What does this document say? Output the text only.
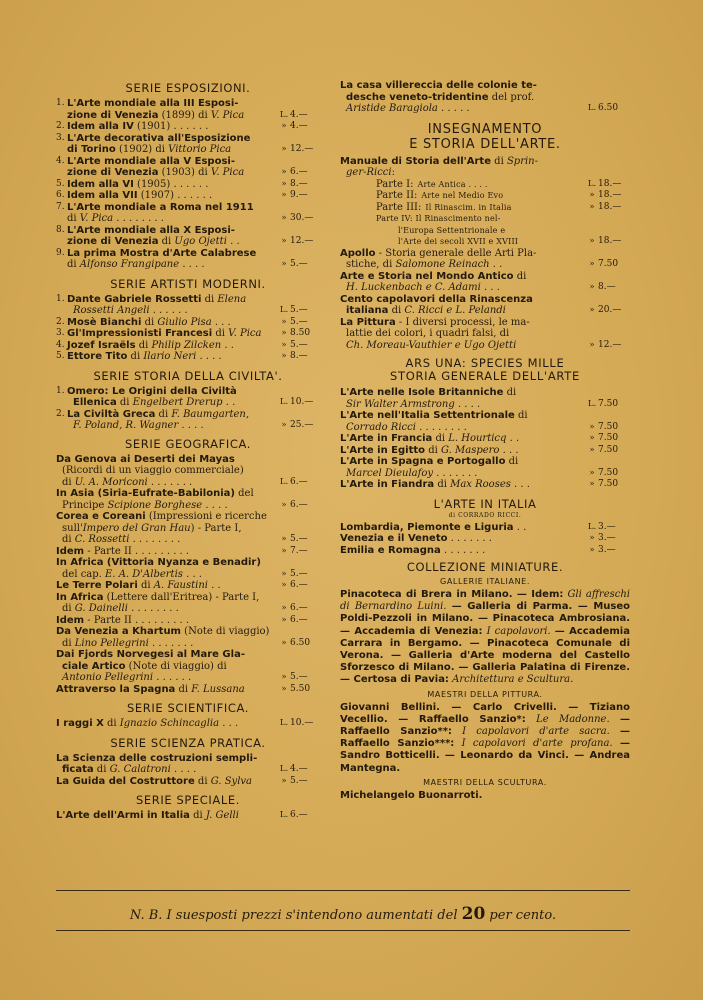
SERIE ESPOSIZIONI.
1. L'Arte mondiale alla III Esposi-
zione di Venezia (1899) di V. Pica	L. 4.—
2. Idem alla IV (1901) . . . . . .	» 4.—
3. L'Arte decorativa all'Esposizione
di Torino (1902) di Vittorio Pica	» 12.—
4. L'Arte mondiale alla V Esposi-
zione di Venezia (1903) di V. Pica	» 6.—
5. Idem alla VI (1905) . . . . . .	» 8.—
6. Idem alla VII (1907) . . . . . .	» 9.—
7. L'Arte mondiale a Roma nel 1911
di V. Pica . . . . . . . .	» 30.—
8. L'Arte mondiale alla X Esposi-
zione di Venezia di Ugo Ojetti . .	» 12.—
9. La prima Mostra d'Arte Calabrese
di Alfonso Frangipane . . . .	» 5.—
SERIE ARTISTI MODERNI.
1. Dante Gabriele Rossetti di Elena
Rossetti Angeli . . . . . .	L. 5.—
2. Mosè Bianchi di Giulio Pisa . . .	» 5.—
3. Gl'Impressionisti Francesi di V. Pica	» 8.50
4. Jozef Israëls di Philip Zilcken . .	» 5.—
5. Ettore Tito di Ilario Neri . . . .	» 8.—
SERIE STORIA DELLA CIVILTA'.
1. Omero: Le Origini della Civiltà
Ellenica di Engelbert Drerup . .	L. 10.—
2. La Civiltà Greca di F. Baumgarten,
F. Poland, R. Wagner . . . .	» 25.—
SERIE GEOGRAFICA.
Da Genova ai Deserti dei Mayas
(Ricordi di un viaggio commerciale)
di U. A. Moriconi . . . . . . .	L. 6.—
In Asia (Siria-Eufrate-Babilonia) del
Principe Scipione Borghese . . . .	» 6.—
Corea e Coreani (Impressioni e ricerche
sull'Impero del Gran Hau) - Parte I,
di C. Rossetti . . . . . . . .	» 5.—
Idem - Parte II . . . . . . . . .	» 7.—
In Africa (Vittoria Nyanza e Benadir)
del cap. E. A. D'Albertis . . .	» 5.—
Le Terre Polari di A. Faustini . .	» 6.—
In Africa (Lettere dall'Eritrea) - Parte I,
di G. Dainelli . . . . . . . .	» 6.—
Idem - Parte II . . . . . . . . .	» 6.—
Da Venezia a Khartum (Note di viaggio)
di Lino Pellegrini . . . . . . .	» 6.50
Dai Fjords Norvegesi al Mare Gla-
ciale Artico (Note di viaggio) di
Antonio Pellegrini . . . . . .	» 5.—
Attraverso la Spagna di F. Lussana	» 5.50
SERIE SCIENTIFICA.
I raggi X di Ignazio Schincaglia . . .	L. 10.—
SERIE SCIENZA PRATICA.
La Scienza delle costruzioni sempli-
ficata di G. Calatroni . . . .	L. 4.—
La Guida del Costruttore di G. Sylva	» 5.—
SERIE SPECIALE.
L'Arte dell'Armi in Italia di J. Gelli	L. 6.—
La casa villereccia delle colonie te-
desche veneto-tridentine del prof.
Aristide Baragiola . . . . .	L. 6.50
INSEGNAMENTO
E STORIA DELL'ARTE.
Manuale di Storia dell'Arte di Sprin-
ger-Ricci:
Parte I: Arte Antica . . . .	L. 18.—
Parte II: Arte nel Medio Evo	» 18.—
Parte III: Il Rinascim. in Italia	» 18.—
Parte IV: Il Rinascimento nel-
l'Europa Settentrionale e
l'Arte dei secoli XVII e XVIII	» 18.—
Apollo - Storia generale delle Arti Pla-
stiche, di Salomone Reinach . .	» 7.50
Arte e Storia nel Mondo Antico di
H. Luckenbach e C. Adami . . .	» 8.—
Cento capolavori della Rinascenza
italiana di C. Ricci e L. Pelandi	» 20.—
La Pittura - I diversi processi, le ma-
lattie dei colori, i quadri falsi, di
Ch. Moreau-Vauthier e Ugo Ojetti	» 12.—
ARS UNA: SPECIES MILLE
STORIA GENERALE DELL'ARTE
L'Arte nelle Isole Britanniche di
Sir Walter Armstrong . . . .	L. 7.50
L'Arte nell'Italia Settentrionale di
Corrado Ricci . . . . . . . .	» 7.50
L'Arte in Francia di L. Hourticq . .	» 7.50
L'Arte in Egitto di G. Maspero . . .	» 7.50
L'Arte in Spagna e Portogallo di
Marcel Dieulafoy . . . . . . .	» 7.50
L'Arte in Fiandra di Max Rooses . . .	» 7.50
L'ARTE IN ITALIA
di CORRADO RICCI.
Lombardia, Piemonte e Liguria . .	L. 3.—
Venezia e il Veneto . . . . . . .	» 3.—
Emilia e Romagna . . . . . . .	» 3.—
COLLEZIONE MINIATURE.
GALLERIE ITALIANE.
Pinacoteca di Brera in Milano. — Idem: Gli affreschi di Bernardino Luini. — Galleria di Parma. — Museo Poldi-Pezzoli in Milano. — Pinacoteca Ambrosiana. — Accademia di Venezia: I capolavori. — Accademia Carrara in Bergamo. — Pinacoteca Comunale di Verona. — Galleria d'Arte moderna del Castello Sforzesco di Milano. — Galleria Palatina di Firenze. — Certosa di Pavia: Architettura e Scultura.
MAESTRI DELLA PITTURA.
Giovanni Bellini. — Carlo Crivelli. — Tiziano Vecellio. — Raffaello Sanzio*: Le Madonne. — Raffaello Sanzio**: I capolavori d'arte sacra. — Raffaello Sanzio***: I capolavori d'arte profana. — Sandro Botticelli. — Leonardo da Vinci. — Andrea Mantegna.
MAESTRI DELLA SCULTURA.
Michelangelo Buonarroti.
N. B. I suesposti prezzi s'intendono aumentati del 20 per cento.
